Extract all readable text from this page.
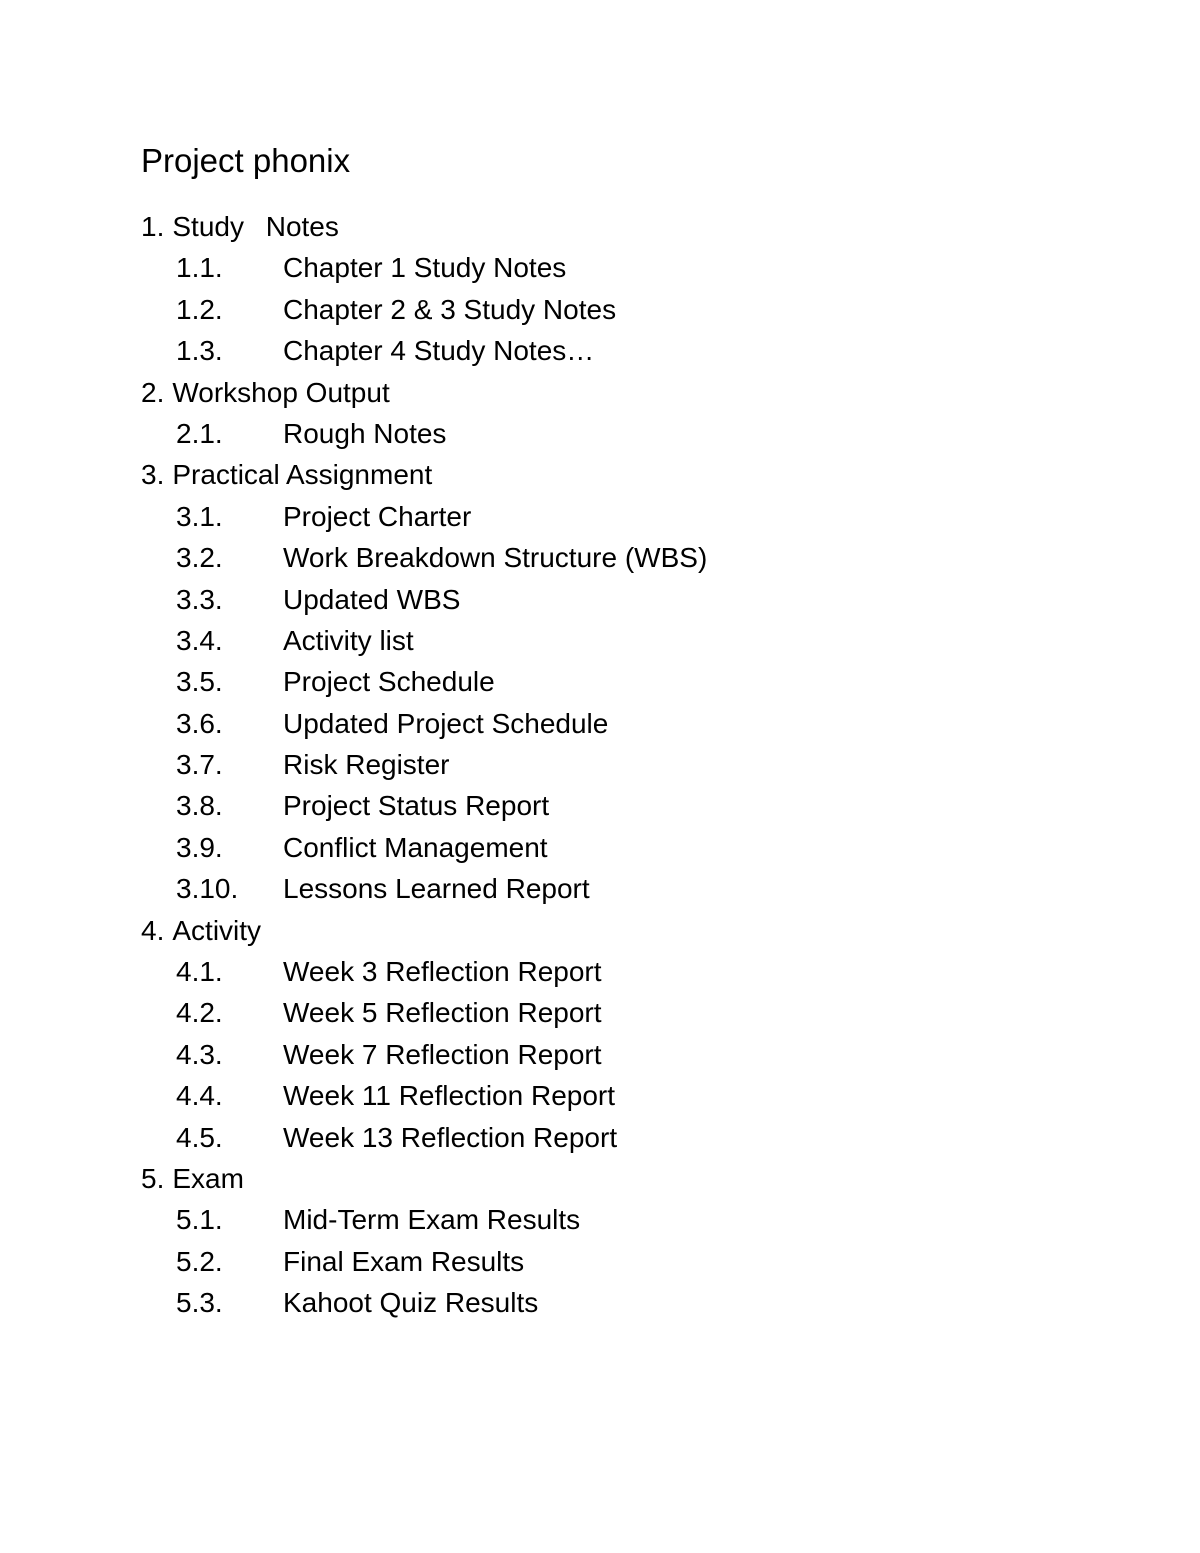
Project phonix
1. Study Notes
1.1. Chapter 1 Study Notes
1.2. Chapter 2 & 3 Study Notes
1.3. Chapter 4 Study Notes…
2. Workshop Output
2.1. Rough Notes
3. Practical Assignment
3.1. Project Charter
3.2. Work Breakdown Structure (WBS)
3.3. Updated WBS
3.4. Activity list
3.5. Project Schedule
3.6. Updated Project Schedule
3.7. Risk Register
3.8. Project Status Report
3.9. Conflict Management
3.10. Lessons Learned Report
4. Activity
4.1. Week 3 Reflection Report
4.2. Week 5 Reflection Report
4.3. Week 7 Reflection Report
4.4. Week 11 Reflection Report
4.5. Week 13 Reflection Report
5. Exam
5.1. Mid-Term Exam Results
5.2. Final Exam Results
5.3. Kahoot Quiz Results
